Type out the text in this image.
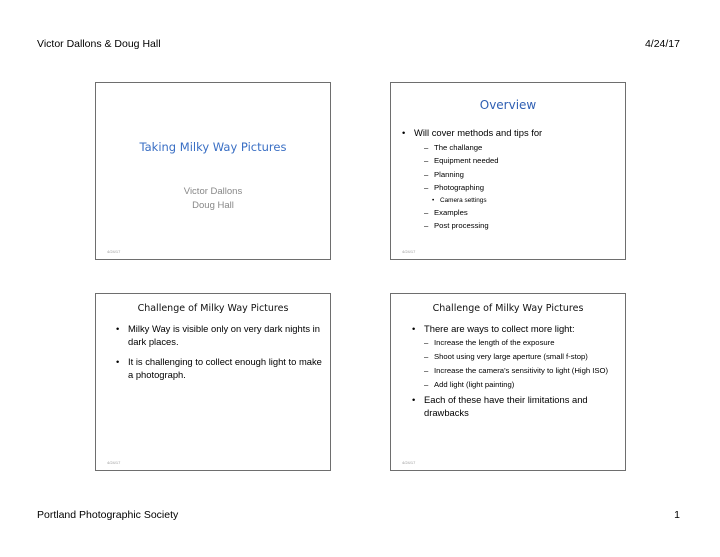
Victor Dallons & Doug Hall	4/24/17
Taking Milky Way Pictures
Victor Dallons
Doug Hall
4/24/17
Overview
• Will cover methods and tips for
– The challange
– Equipment needed
– Planning
– Photographing
• Camera settings
– Examples
– Post processing
4/24/17
Challenge of Milky Way Pictures
• Milky Way is visible only on very dark nights in dark places.
• It is challenging to collect enough light to make a photograph.
4/24/17
Challenge of Milky Way Pictures
• There are ways to collect more light:
– Increase the length of the exposure
– Shoot using very large aperture (small f-stop)
– Increase the camera's sensitivity to light (High ISO)
– Add light (light painting)
• Each of these have their limitations and drawbacks
4/24/17
Portland Photographic Society	1
